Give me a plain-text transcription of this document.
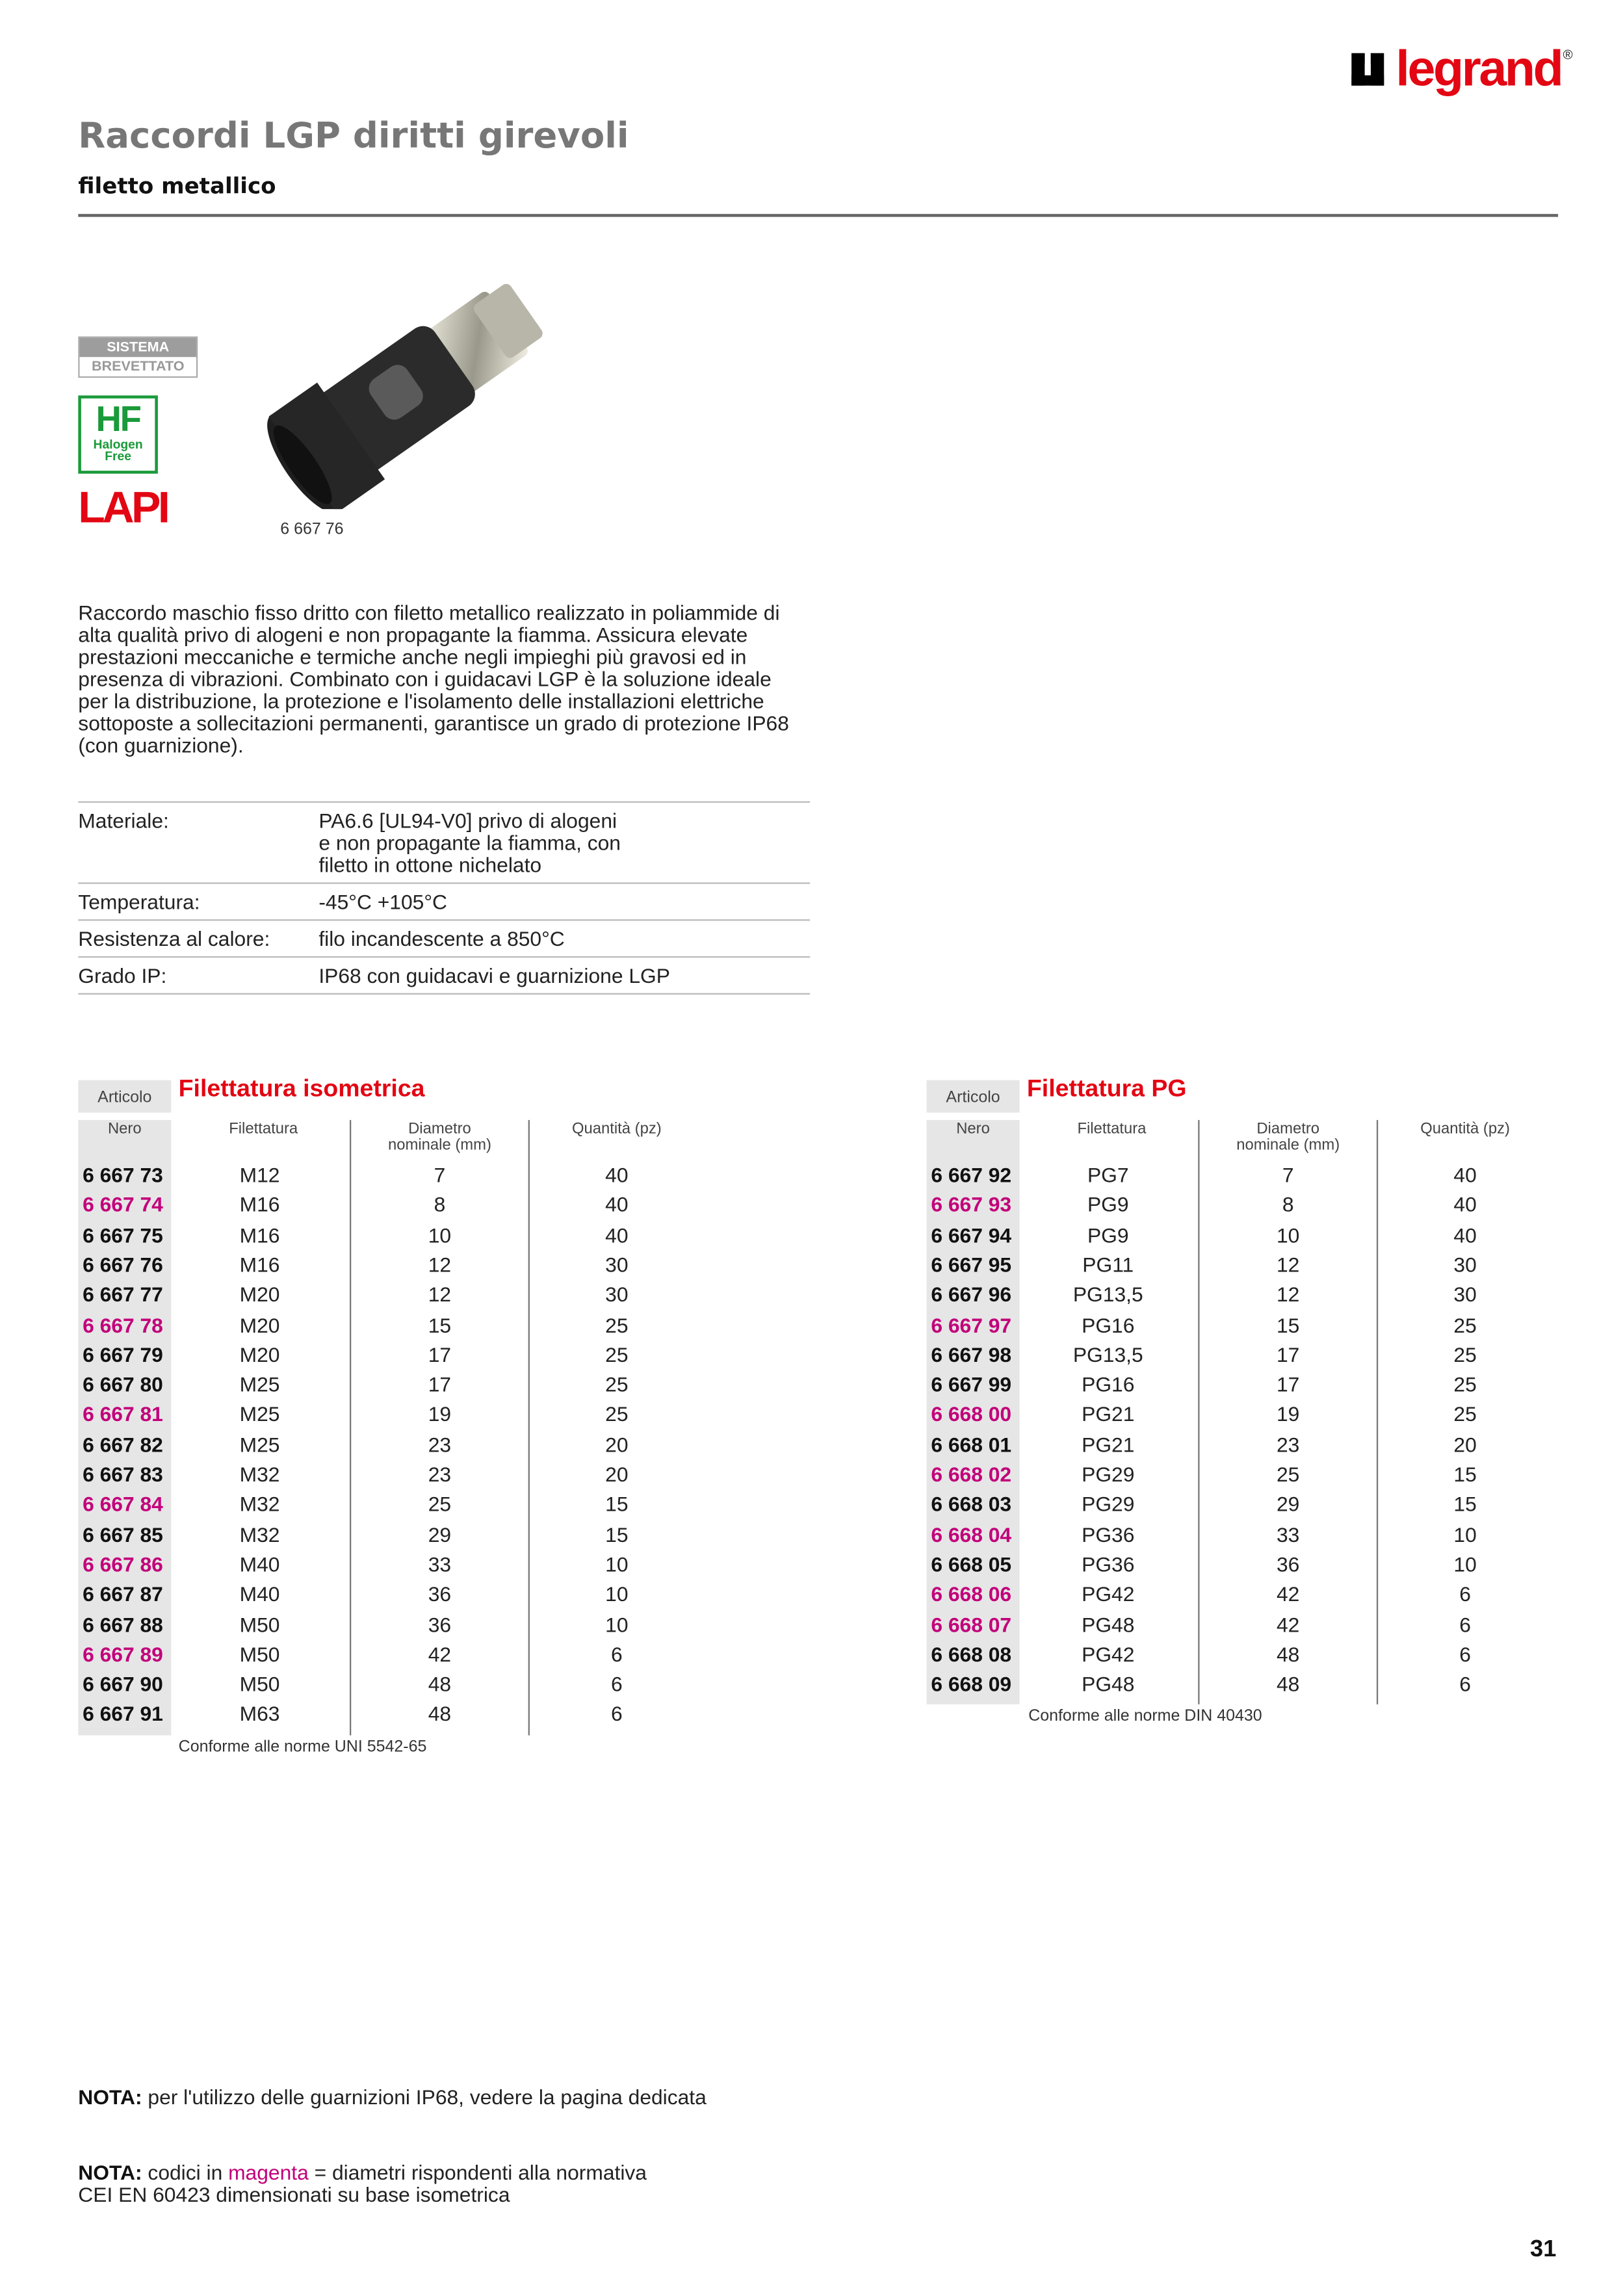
legrand ®
Raccordi LGP diritti girevoli
filetto metallico
SISTEMA
BREVETTATO
HF
Halogen
Free
LAPI	6 667 76
Raccordo maschio fisso dritto con filetto metallico realizzato in poliammide di alta qualità privo di alogeni e non propagante la fiamma. Assicura elevate prestazioni meccaniche e termiche anche negli impieghi più gravosi ed in presenza di vibrazioni. Combinato con i guidacavi LGP è la soluzione ideale per la distribuzione, la protezione e l'isolamento delle installazioni elettriche sottoposte a sollecitazioni permanenti, garantisce un grado di protezione IP68 (con guarnizione).
Materiale:	PA6.6 [UL94-V0] privo di alogeni
e non propagante la fiamma, con
filetto in ottone nichelato
Temperatura:	-45°C +105°C
Resistenza al calore:	filo incandescente a 850°C
Grado IP:	IP68 con guidacavi e guarnizione LGP
Articolo	Filettatura isometrica
Nero	Filettatura	Diametro
nominale (mm)
Quantità (pz)
6 667 73	M12	7	40
6 667 74	M16	8	40
6 667 75	M16	10	40
6 667 76	M16	12	30
6 667 77	M20	12	30
6 667 78	M20	15	25
6 667 79	M20	17	25
6 667 80	M25	17	25
6 667 81	M25	19	25
6 667 82	M25	23	20
6 667 83	M32	23	20
6 667 84	M32	25	15
6 667 85	M32	29	15
6 667 86	M40	33	10
6 667 87	M40	36	10
6 667 88	M50	36	10
6 667 89	M50	42	6
6 667 90	M50	48	6
6 667 91	M63	48	6
Conforme alle norme UNI 5542-65
Articolo	Filettatura PG
Nero	Filettatura	Diametro
nominale (mm)
Quantità (pz)
6 667 92	PG7	7	40
6 667 93	PG9	8	40
6 667 94	PG9	10	40
6 667 95	PG11	12	30
6 667 96	PG13,5	12	30
6 667 97	PG16	15	25
6 667 98	PG13,5	17	25
6 667 99	PG16	17	25
6 668 00	PG21	19	25
6 668 01	PG21	23	20
6 668 02	PG29	25	15
6 668 03	PG29	29	15
6 668 04	PG36	33	10
6 668 05	PG36	36	10
6 668 06	PG42	42	6
6 668 07	PG48	42	6
6 668 08	PG42	48	6
6 668 09	PG48	48	6
Conforme alle norme DIN 40430
NOTA: per l'utilizzo delle guarnizioni IP68, vedere la pagina dedicata
NOTA: codici in magenta = diametri rispondenti alla normativa
CEI EN 60423 dimensionati su base isometrica
31
